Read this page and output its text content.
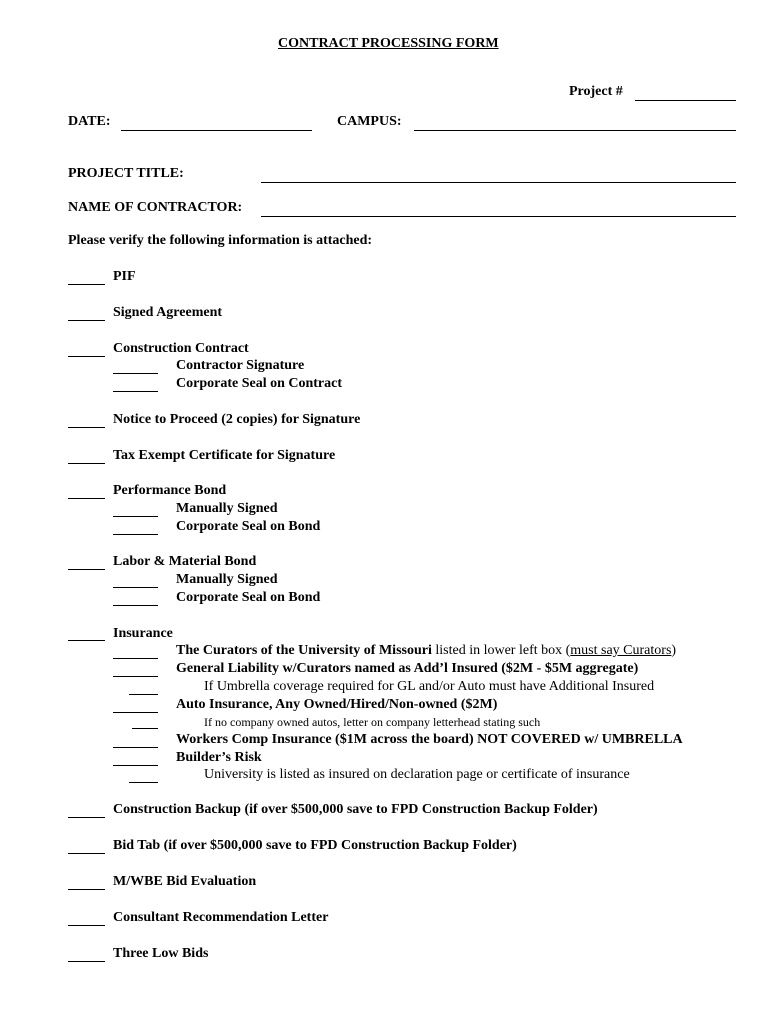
CONTRACT PROCESSING FORM
Project #
DATE:	CAMPUS:
PROJECT TITLE:
NAME OF CONTRACTOR:
Please verify the following information is attached:
PIF
Signed Agreement
Construction Contract
Contractor Signature
Corporate Seal on Contract
Notice to Proceed (2 copies) for Signature
Tax Exempt Certificate for Signature
Performance Bond
Manually Signed
Corporate Seal on Bond
Labor & Material Bond
Manually Signed
Corporate Seal on Bond
Insurance
The Curators of the University of Missouri listed in lower left box (must say Curators)
General Liability w/Curators named as Add’l Insured ($2M - $5M aggregate)
If Umbrella coverage required for GL and/or Auto must have Additional Insured
Auto Insurance, Any Owned/Hired/Non-owned ($2M)
If no company owned autos, letter on company letterhead stating such
Workers Comp Insurance ($1M across the board) NOT COVERED w/ UMBRELLA
Builder’s Risk
University is listed as insured on declaration page or certificate of insurance
Construction Backup (if over $500,000 save to FPD Construction Backup Folder)
Bid Tab (if over $500,000 save to FPD Construction Backup Folder)
M/WBE Bid Evaluation
Consultant Recommendation Letter
Three Low Bids
